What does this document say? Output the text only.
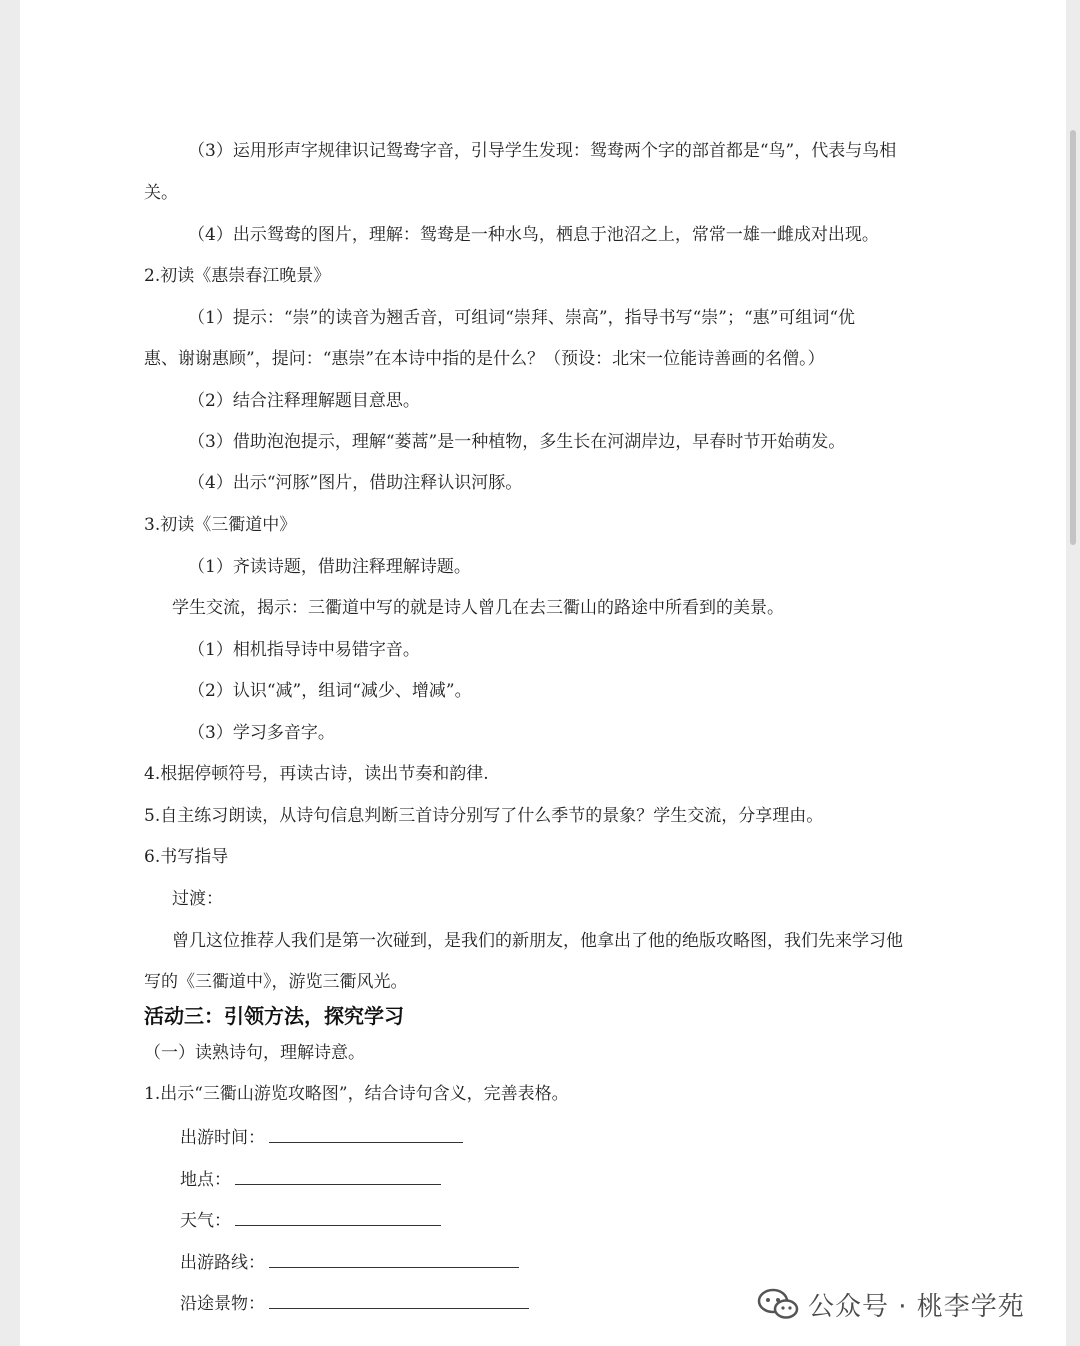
（3）运用形声字规律识记鸳鸯字音，引导学生发现：鸳鸯两个字的部首都是“鸟”，代表与鸟相
关。
（4）出示鸳鸯的图片，理解：鸳鸯是一种水鸟，栖息于池沼之上，常常一雄一雌成对出现。
2.初读《惠崇春江晚景》
（1）提示：“崇”的读音为翘舌音，可组词“崇拜、崇高”，指导书写“崇”；“惠”可组词“优
惠、谢谢惠顾”，提问：“惠崇”在本诗中指的是什么？（预设：北宋一位能诗善画的名僧。）
（2）结合注释理解题目意思。
（3）借助泡泡提示，理解“蒌蒿”是一种植物，多生长在河湖岸边，早春时节开始萌发。
（4）出示“河豚”图片，借助注释认识河豚。
3.初读《三衢道中》
（1）齐读诗题，借助注释理解诗题。
学生交流，揭示：三衢道中写的就是诗人曾几在去三衢山的路途中所看到的美景。
（1）相机指导诗中易错字音。
（2）认识“减”，组词“减少、增减”。
（3）学习多音字。
4.根据停顿符号，再读古诗，读出节奏和韵律.
5.自主练习朗读，从诗句信息判断三首诗分别写了什么季节的景象？学生交流，分享理由。
6.书写指导
过渡：
曾几这位推荐人我们是第一次碰到，是我们的新朋友，他拿出了他的绝版攻略图，我们先来学习他
写的《三衢道中》，游览三衢风光。
活动三：引领方法，探究学习
（一）读熟诗句，理解诗意。
1.出示“三衢山游览攻略图”，结合诗句含义，完善表格。
出游时间：
地点：
天气：
出游路线：
沿途景物：	公众号 · 桃李学苑
